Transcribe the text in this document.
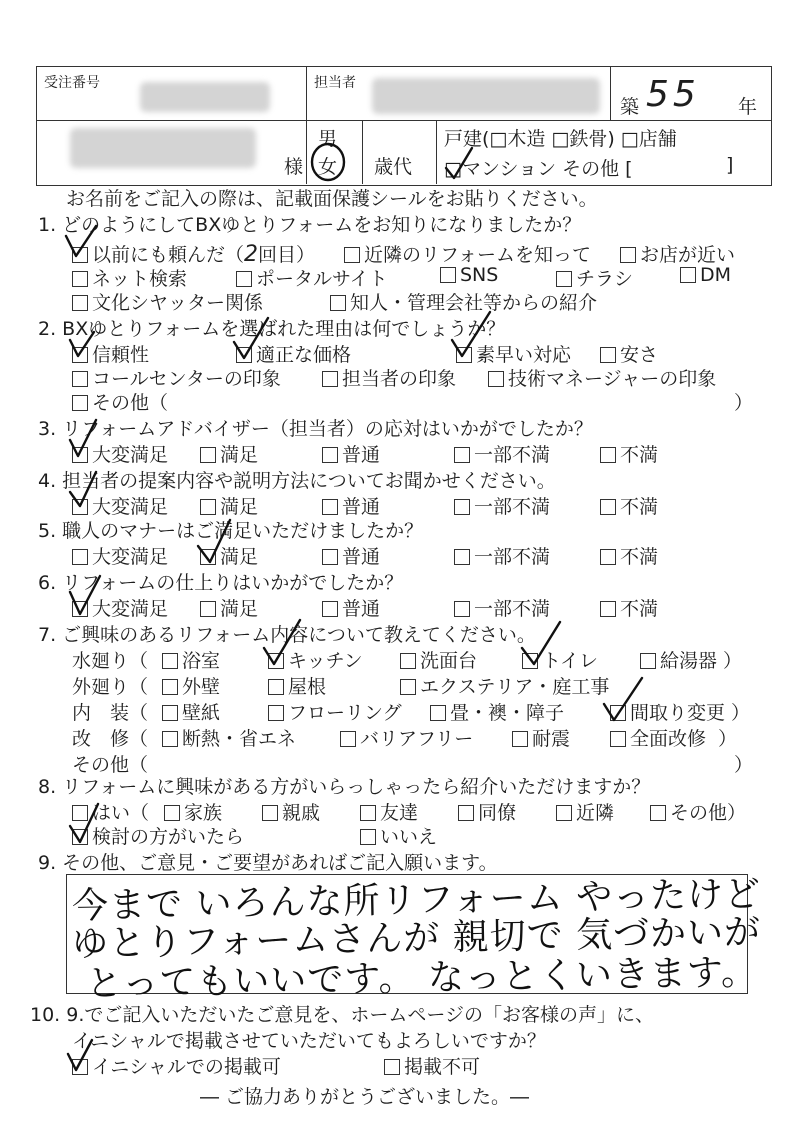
受注番号	担当者
築 55 年
様
男
女 歳代
戸建(□木造 □鉄骨) □店舗
□マンション その他 [	]
お名前をご記入の際は、記載面保護シールをお貼りください。
1. どのようにしてBXゆとりフォームをお知りになりましたか？
以前にも頼んだ（2回目）	近隣のリフォームを知って	お店が近い
ネット検索	ポータルサイト	SNS	チラシ	DM
文化シヤッター関係	知人・管理会社等からの紹介
2. BXゆとりフォームを選ばれた理由は何でしょうか？
信頼性	適正な価格	素早い対応	安さ
コールセンターの印象	担当者の印象	技術マネージャーの印象
その他（	）
3. リフォームアドバイザー（担当者）の応対はいかがでしたか？
大変満足	満足	普通	一部不満	不満
4. 担当者の提案内容や説明方法についてお聞かせください。
大変満足	満足	普通	一部不満	不満
5. 職人のマナーはご満足いただけましたか？
大変満足	満足	普通	一部不満	不満
6. リフォームの仕上りはいかがでしたか？
大変満足	満足	普通	一部不満	不満
7. ご興味のあるリフォーム内容について教えてください。
水廻り（	浴室	キッチン	洗面台	トイレ	給湯器 ）
外廻り（	外壁	屋根	エクステリア・庭工事
内　装（	壁紙	フローリング	畳・襖・障子	間取り変更 ）
改　修（	断熱・省エネ	バリアフリー	耐震	全面改修 ）
その他（	）
8. リフォームに興味がある方がいらっしゃったら紹介いただけますか？
はい（	家族	親戚	友達	同僚	近隣	その他）
検討の方がいたら	いいえ
9. その他、ご意見・ご要望があればご記入願います。
今まで いろんな所リフォーム やったけど
ゆとりフォームさんが 親切で 気づかいが
とってもいいです。 なっとくいきます。
10. 9.でご記入いただいたご意見を、ホームページの「お客様の声」に、
イニシャルで掲載させていただいてもよろしいですか？
イニシャルでの掲載可	掲載不可
― ご協力ありがとうございました。―
